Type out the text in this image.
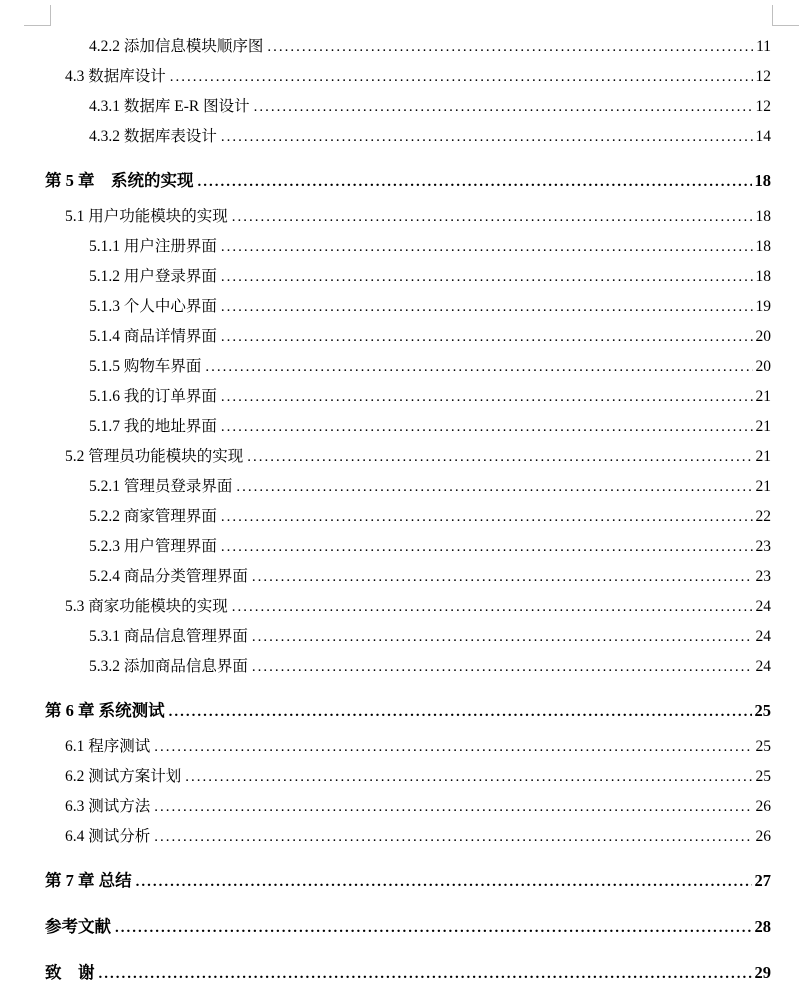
4.2.2 添加信息模块顺序图 .....	11
4.3 数据库设计 .....	12
4.3.1 数据库 E-R 图设计 .....	12
4.3.2 数据库表设计 .....	14
第 5 章　系统的实现 .....	18
5.1 用户功能模块的实现 .....	18
5.1.1 用户注册界面 .....	18
5.1.2 用户登录界面 .....	18
5.1.3 个人中心界面 .....	19
5.1.4 商品详情界面 .....	20
5.1.5 购物车界面 .....	20
5.1.6 我的订单界面 .....	21
5.1.7 我的地址界面 .....	21
5.2 管理员功能模块的实现 .....	21
5.2.1 管理员登录界面 .....	21
5.2.2 商家管理界面 .....	22
5.2.3 用户管理界面 .....	23
5.2.4 商品分类管理界面 .....	23
5.3 商家功能模块的实现 .....	24
5.3.1 商品信息管理界面 .....	24
5.3.2 添加商品信息界面 .....	24
第 6 章 系统测试 .....	25
6.1 程序测试 .....	25
6.2 测试方案计划 .....	25
6.3 测试方法 .....	26
6.4 测试分析 .....	26
第 7 章 总结 .....	27
参考文献 .....	28
致　谢 .....	29
